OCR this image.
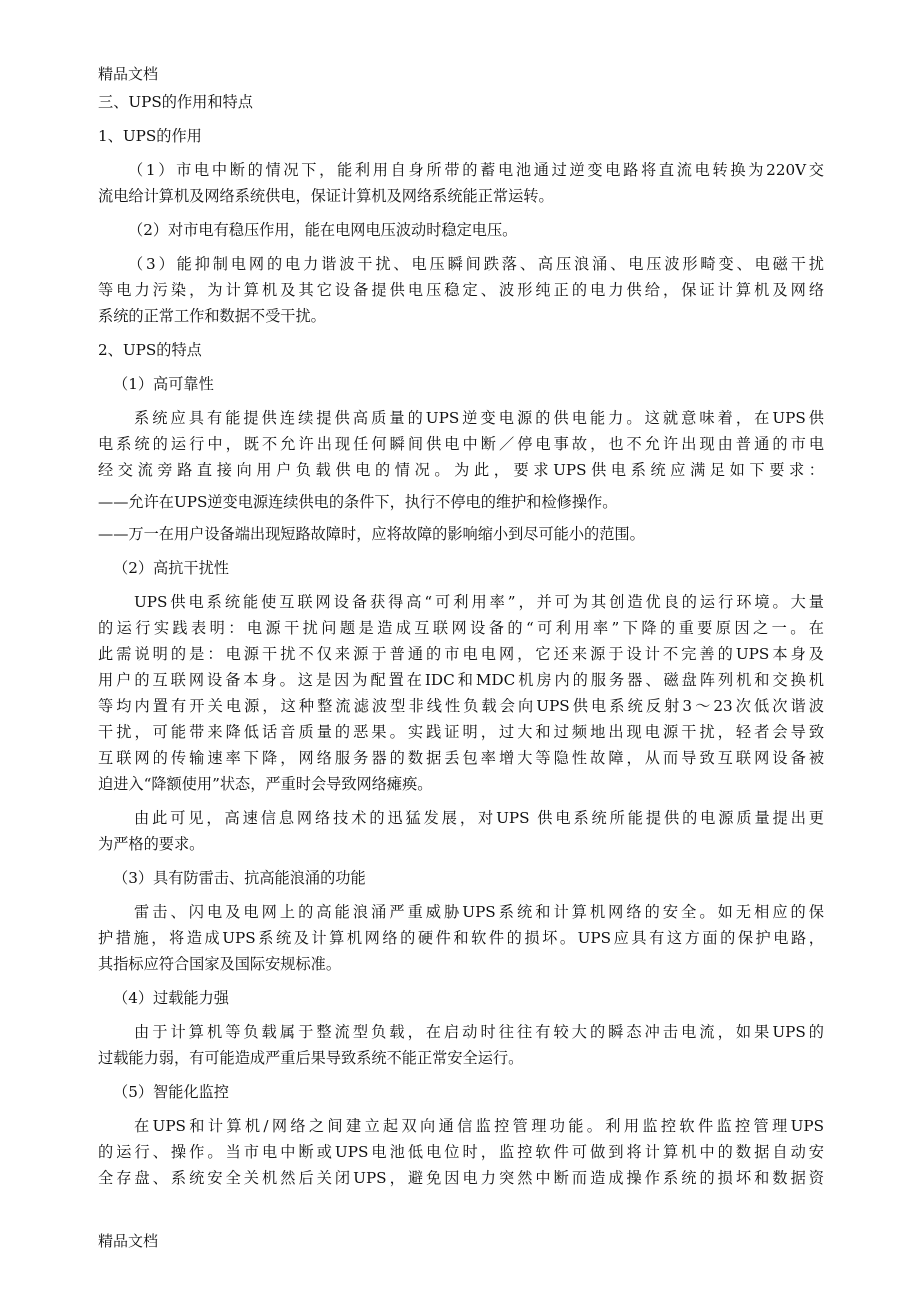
精品文档
三、UPS的作用和特点
1、UPS的作用
（1）市电中断的情况下，能利用自身所带的蓄电池通过逆变电路将直流电转换为220V交
流电给计算机及网络系统供电，保证计算机及网络系统能正常运转。
（2）对市电有稳压作用，能在电网电压波动时稳定电压。
（3）能抑制电网的电力谐波干扰、电压瞬间跌落、高压浪涌、电压波形畸变、电磁干扰
等电力污染，为计算机及其它设备提供电压稳定、波形纯正的电力供给，保证计算机及网络
系统的正常工作和数据不受干扰。
2、UPS的特点
（1）高可靠性
系统应具有能提供连续提供高质量的UPS逆变电源的供电能力。这就意味着，在UPS供
电系统的运行中，既不允许出现任何瞬间供电中断／停电事故，也不允许出现由普通的市电
经交流旁路直接向用户负载供电的情况。为此，要求UPS供电系统应满足如下要求：
——允许在UPS逆变电源连续供电的条件下，执行不停电的维护和检修操作。
——万一在用户设备端出现短路故障时，应将故障的影响缩小到尽可能小的范围。
（2）高抗干扰性
UPS供电系统能使互联网设备获得高“可利用率”，并可为其创造优良的运行环境。大量
的运行实践表明：电源干扰问题是造成互联网设备的“可利用率”下降的重要原因之一。在
此需说明的是：电源干扰不仅来源于普通的市电电网，它还来源于设计不完善的UPS本身及
用户的互联网设备本身。这是因为配置在IDC和MDC机房内的服务器、磁盘阵列机和交换机
等均内置有开关电源，这种整流滤波型非线性负载会向UPS供电系统反射3～23次低次谐波
干扰，可能带来降低话音质量的恶果。实践证明，过大和过频地出现电源干扰，轻者会导致
互联网的传输速率下降，网络服务器的数据丢包率增大等隐性故障，从而导致互联网设备被
迫进入“降额使用”状态，严重时会导致网络瘫痪。
由此可见，高速信息网络技术的迅猛发展，对UPS 供电系统所能提供的电源质量提出更
为严格的要求。
（3）具有防雷击、抗高能浪涌的功能
雷击、闪电及电网上的高能浪涌严重威胁UPS系统和计算机网络的安全。如无相应的保
护措施，将造成UPS系统及计算机网络的硬件和软件的损坏。UPS应具有这方面的保护电路，
其指标应符合国家及国际安规标准。
（4）过载能力强
由于计算机等负载属于整流型负载，在启动时往往有较大的瞬态冲击电流，如果UPS的
过载能力弱，有可能造成严重后果导致系统不能正常安全运行。
（5）智能化监控
在UPS和计算机/网络之间建立起双向通信监控管理功能。利用监控软件监控管理UPS
的运行、操作。当市电中断或UPS电池低电位时，监控软件可做到将计算机中的数据自动安
全存盘、系统安全关机然后关闭UPS，避免因电力突然中断而造成操作系统的损坏和数据资
精品文档
